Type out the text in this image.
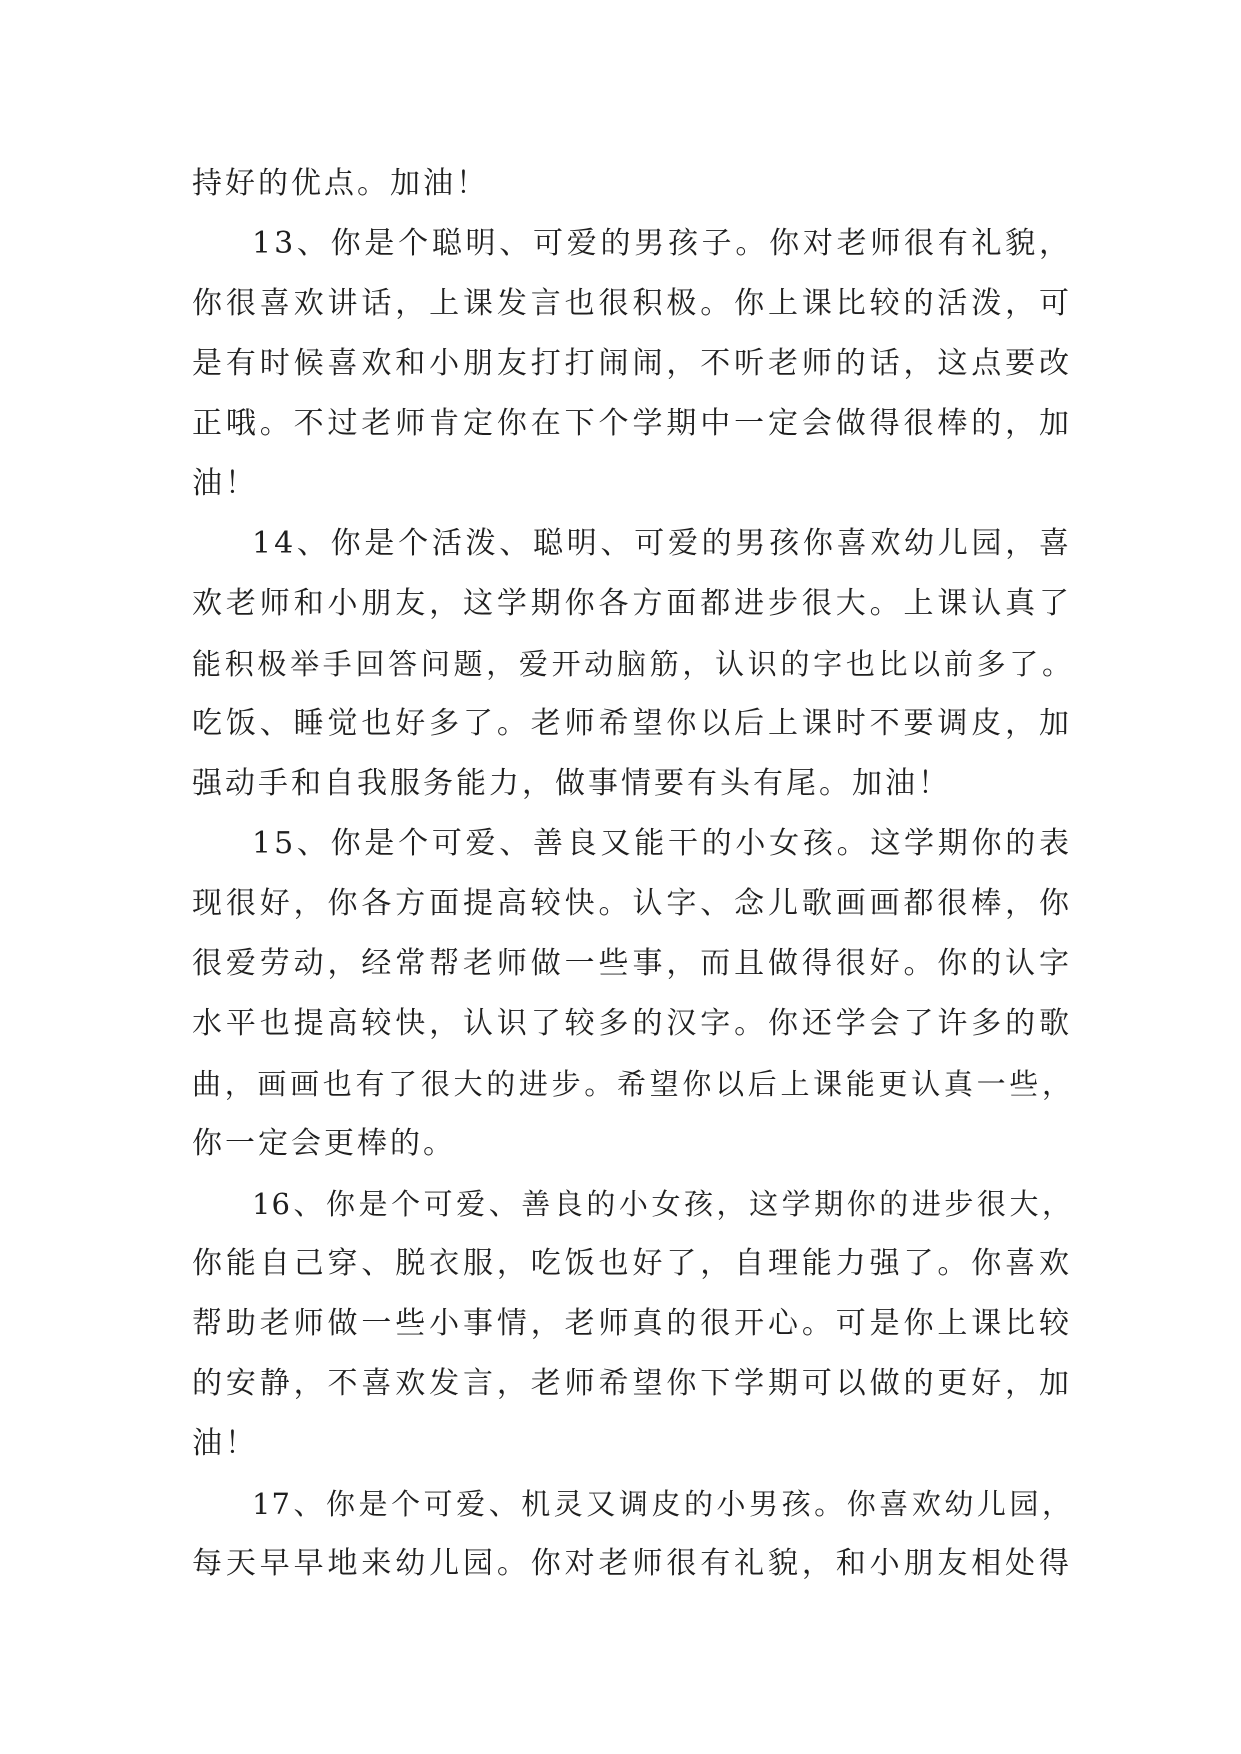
持好的优点。加油！
13、你是个聪明、可爱的男孩子。你对老师很有礼貌，
你很喜欢讲话，上课发言也很积极。你上课比较的活泼，可
是有时候喜欢和小朋友打打闹闹，不听老师的话，这点要改
正哦。不过老师肯定你在下个学期中一定会做得很棒的，加
油！
14、你是个活泼、聪明、可爱的男孩你喜欢幼儿园，喜
欢老师和小朋友，这学期你各方面都进步很大。上课认真了
能积极举手回答问题，爱开动脑筋，认识的字也比以前多了。
吃饭、睡觉也好多了。老师希望你以后上课时不要调皮，加
强动手和自我服务能力，做事情要有头有尾。加油！
15、你是个可爱、善良又能干的小女孩。这学期你的表
现很好，你各方面提高较快。认字、念儿歌画画都很棒，你
很爱劳动，经常帮老师做一些事，而且做得很好。你的认字
水平也提高较快，认识了较多的汉字。你还学会了许多的歌
曲，画画也有了很大的进步。希望你以后上课能更认真一些，
你一定会更棒的。
16、你是个可爱、善良的小女孩，这学期你的进步很大，
你能自己穿、脱衣服，吃饭也好了，自理能力强了。你喜欢
帮助老师做一些小事情，老师真的很开心。可是你上课比较
的安静，不喜欢发言，老师希望你下学期可以做的更好，加
油！
17、你是个可爱、机灵又调皮的小男孩。你喜欢幼儿园，
每天早早地来幼儿园。你对老师很有礼貌，和小朋友相处得
